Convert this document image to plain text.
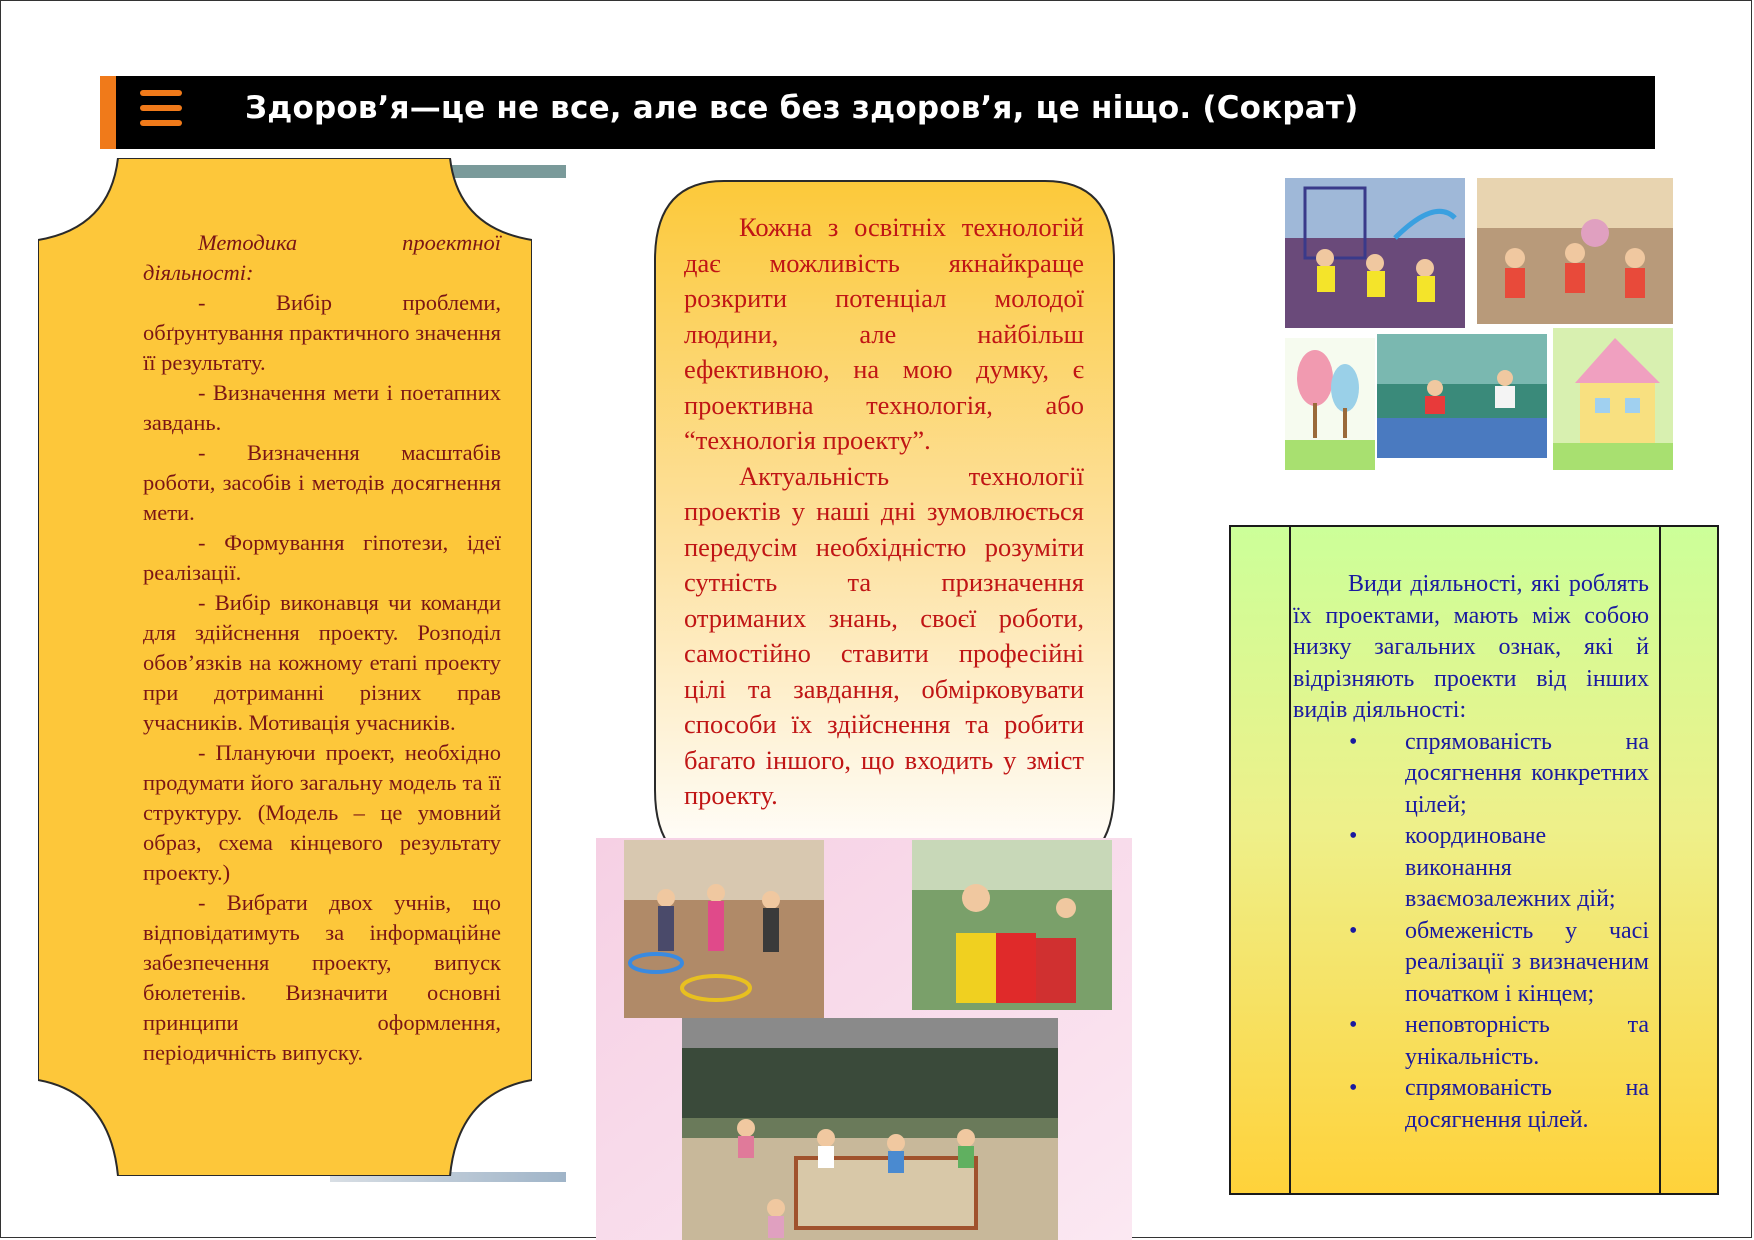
Здоров’я—це не все, але все без здоров’я, це ніщо. (Сократ)

Методика проектної діяльності:

- Вибір проблеми, обґрунтування практичного значення її результату.

- Визначення мети і поетапних завдань.

- Визначення масштабів роботи, засобів і методів досягнення мети.

- Формування гіпотези, ідеї реалізації.

- Вибір виконавця чи команди для здійснення проекту. Розподіл обов’язків на кожному етапі проекту при дотриманні різних прав учасників. Мотивація учасників.

- Плануючи проект, необхідно продумати його загальну модель та її структуру. (Модель – це умовний образ, схема кінцевого результату проекту.)

- Вибрати двох учнів, що відповідатимуть за інформаційне забезпечення проекту, випуск бюлетенів. Визначити основні принципи оформлення, періодичність випуску.

Кожна з освітніх технологій дає можливість якнайкраще розкрити потенціал молодої людини, але найбільш ефективною, на мою думку, є проективна технологія, або “технологія проекту”.

Актуальність технології проектів у наші дні зумовлюється передусім необхідністю розуміти сутність та призначення отриманих знань, своєї роботи, самостійно ставити професійні цілі та завдання, обмірковувати способи їх здійснення та робити багато іншого, що входить у зміст проекту.

Види діяльності, які роблять їх проектами, мають між собою низку загальних ознак, які й відрізняють проекти від інших видів діяльності:

• спрямованість на досягнення конкретних цілей;
• координоване виконання взаємозалежних дій;
• обмеженість у часі реалізації з визначеним початком і кінцем;
• неповторність та унікальність.
• спрямованість на досягнення цілей.
